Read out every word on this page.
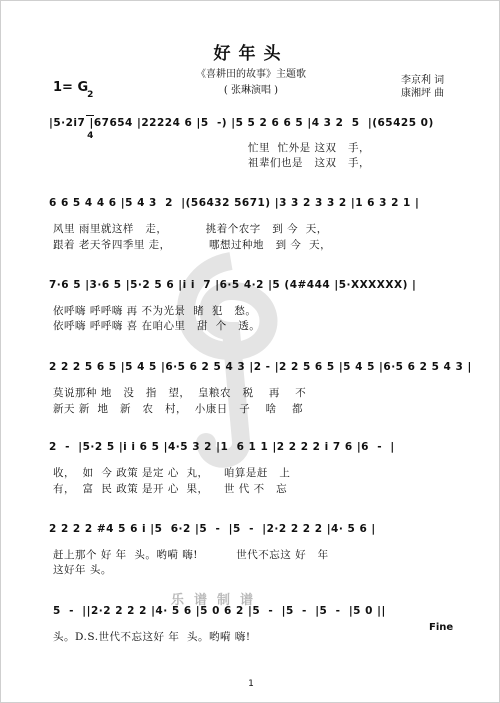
好年头
《喜耕田的故事》主题歌
( 张琳演唱 )
李京利 词
康湘坪 曲
1= G

2

4

|5·2i7 |67654 |22224 6 |5  -) |5 5 2 6 6 5 |4 3 2  5  |(65425 0)
忙里  忙外是 这双   手，
祖辈们也是   这双   手，
6 6 5 4 4 6 |5 4 3  2  |(56432 5671) |3 3 2 3 3 2 |1 6 3 2 1 |
风里 雨里就这样   走，          挑着个农字   到 今  天，
跟着 老天爷四季里 走，          哪想过种地   到 今  天，
7·6 5 |3·6 5 |5·2 5 6 |i i  7 |6·5 4·2 |5 (4#444 |5·XXXXXX) |
依呼嗨 呼呼嗨 再 不为光景  睹  犯   愁。
依呼嗨 呼呼嗨 喜 在咱心里   甜  个   透。
2 2 2 5 6 5 |5 4 5 |6·5 6 2 5 4 3 |2 - |2 2 5 6 5 |5 4 5 |6·5 6 2 5 4 3 |
莫说那种 地   没   指   望，  皇粮农   税    再    不
新天 新  地   新   农   村，  小康日   子    啥    都
2  -  |5·2 5 |i i 6 5 |4·5 3 2 |1  6 1 1 |2 2 2 2 i 7 6 |6  -  |
收，  如  今 政策 是定 心  丸，    咱算是赶   上
有，  富  民 政策 是开 心  果，    世 代 不   忘
2 2 2 2 #4 5 6 i |5  6·2 |5  -  |5  -  |2·2 2 2 2 |4· 5 6 |
赶上那个 好 年  头。哟嗬 嗨!          世代不忘这 好   年
这好年 头。
乐谱制谱
5  -  ||2·2 2 2 2 |4· 5 6 |5 0 6 2 |5  -  |5  -  |5  -  |5 0 ||
头。D.S.世代不忘这好 年  头。哟嗬 嗨!
Fine
1
